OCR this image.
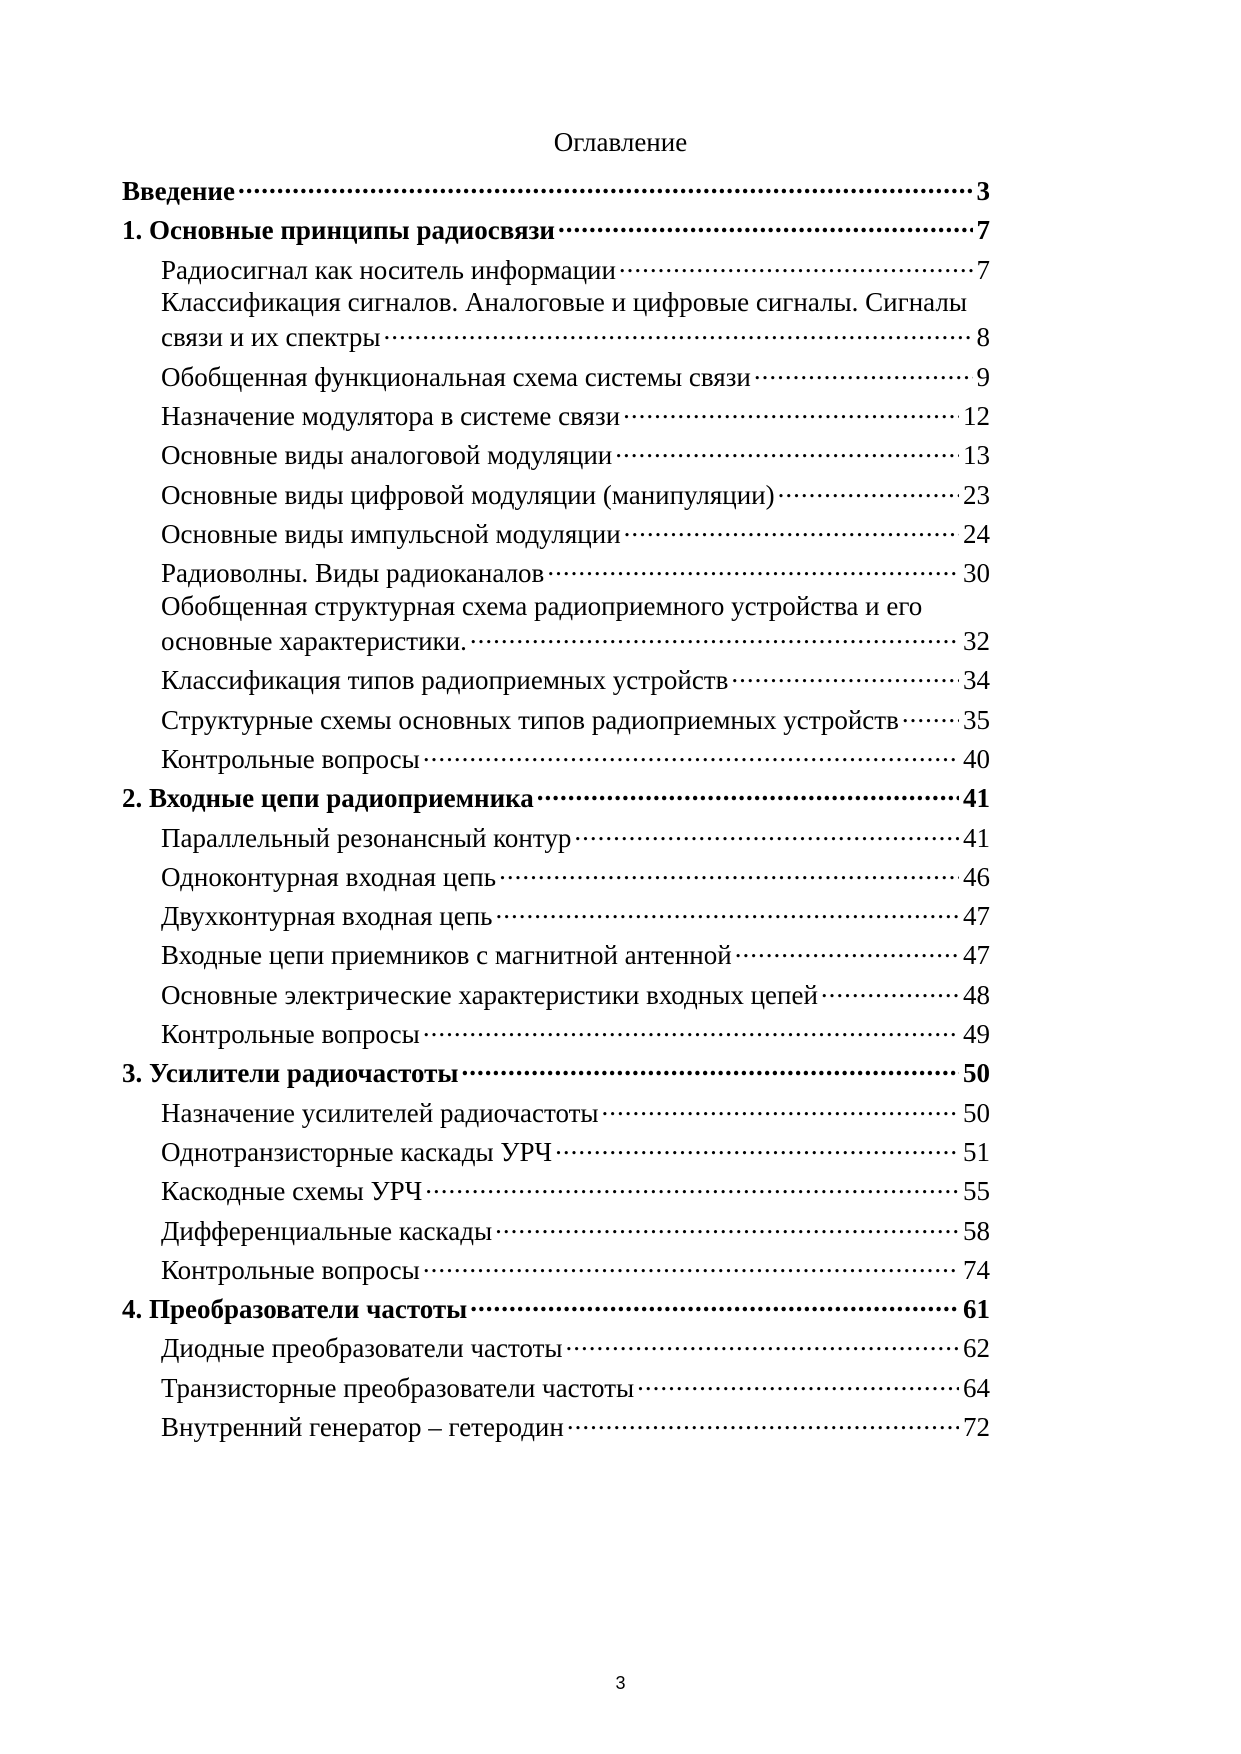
Оглавление
Введение .....	3
1. Основные принципы радиосвязи .....	7
Радиосигнал как носитель информации .....	7
Классификация сигналов. Аналоговые и цифровые сигналы. Сигналы
связи и их спектры .....	8
Обобщенная функциональная схема системы связи .....	9
Назначение модулятора в системе связи .....	12
Основные виды аналоговой модуляции .....	13
Основные виды цифровой модуляции (манипуляции) .....	23
Основные виды импульсной модуляции .....	24
Радиоволны. Виды радиоканалов .....	30
Обобщенная структурная схема радиоприемного устройства и его
основные характеристики. .....	32
Классификация типов радиоприемных устройств .....	34
Структурные схемы основных типов радиоприемных устройств ..... 35
Контрольные вопросы .....	40
2. Входные цепи радиоприемника .....	41
Параллельный резонансный контур .....	41
Одноконтурная входная цепь .....	46
Двухконтурная входная цепь .....	47
Входные цепи приемников с магнитной антенной .....	47
Основные электрические характеристики входных цепей .....	48
Контрольные вопросы .....	49
3. Усилители радиочастоты .....	50
Назначение усилителей радиочастоты .....	50
Однотранзисторные каскады УРЧ .....	51
Каскодные схемы УРЧ .....	55
Дифференциальные каскады .....	58
Контрольные вопросы .....	74
4. Преобразователи частоты .....	61
Диодные преобразователи частоты .....	62
Транзисторные преобразователи частоты .....	64
Внутренний генератор – гетеродин .....	72
3
